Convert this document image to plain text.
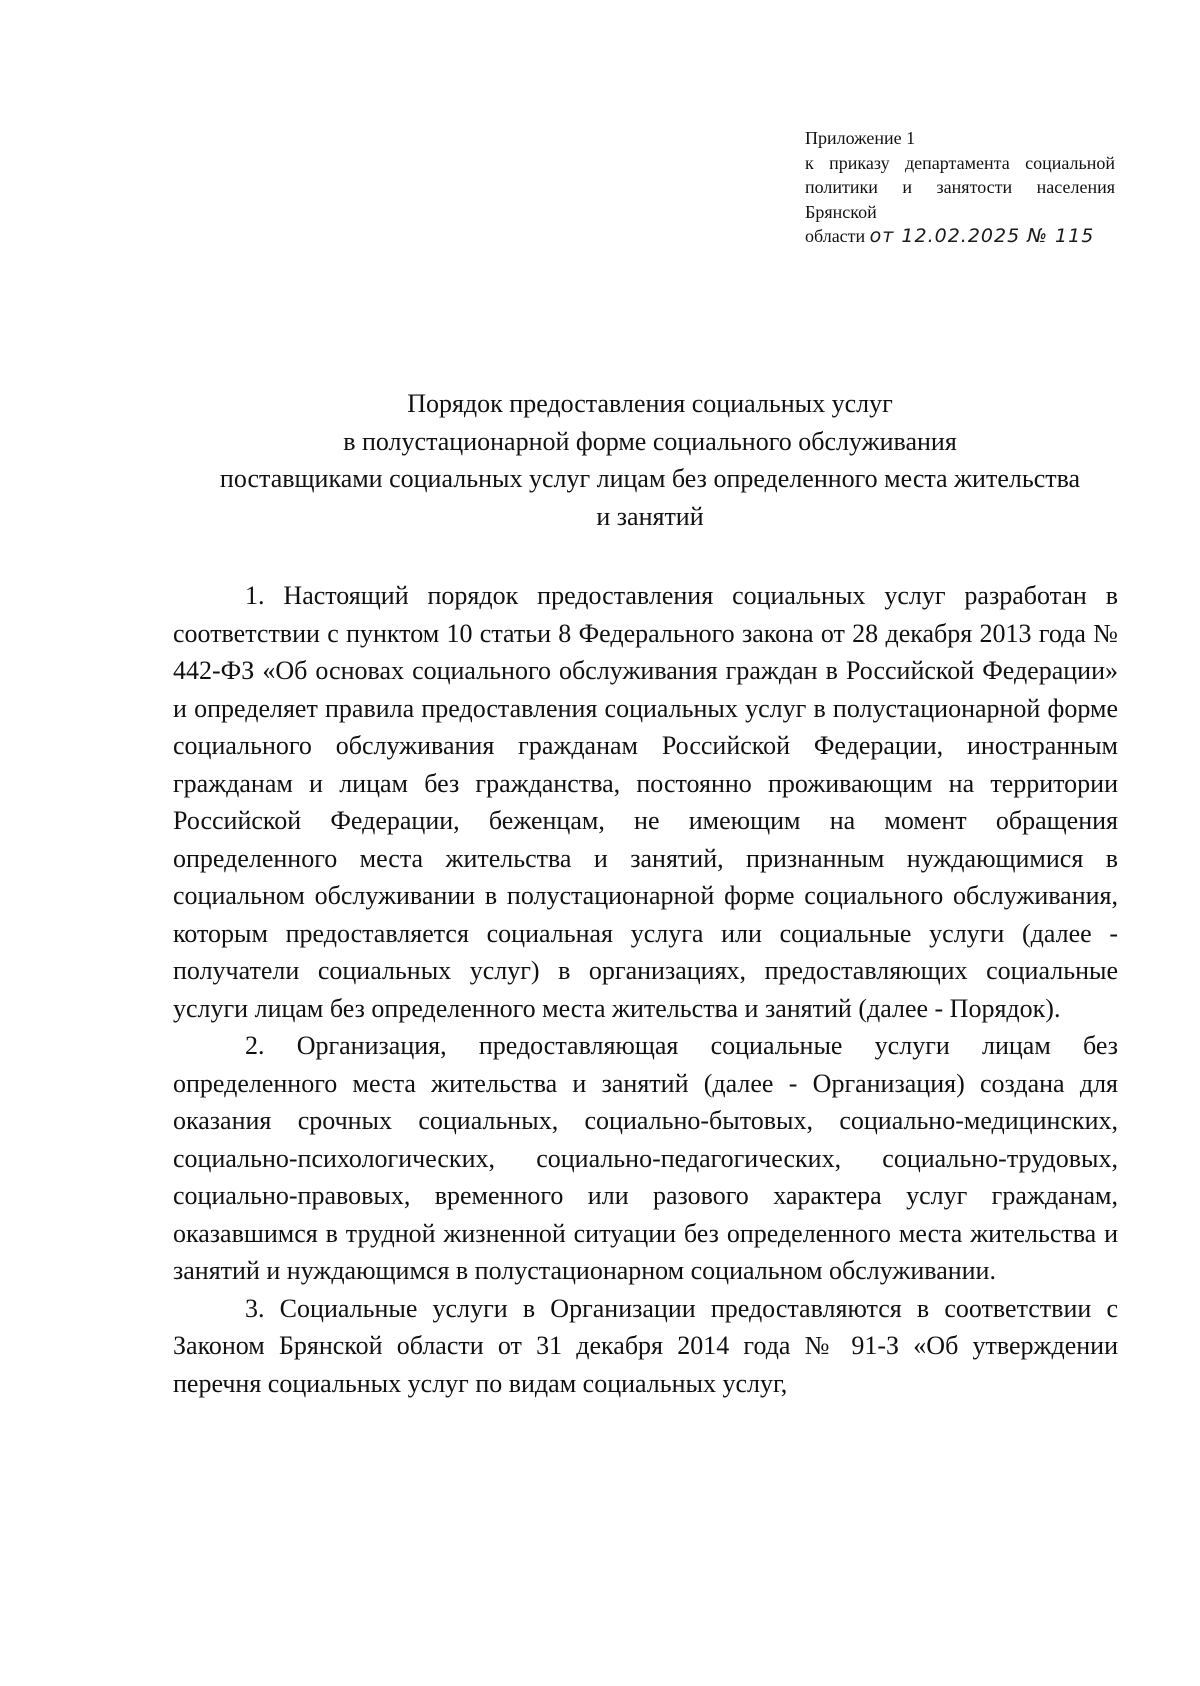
Приложение 1
к приказу департамента социальной политики и занятости населения Брянской
области от 12.02.2025 № 115
Порядок предоставления социальных услуг
в полустационарной форме социального обслуживания
поставщиками социальных услуг лицам без определенного места жительства
и занятий

1. Настоящий порядок предоставления социальных услуг разработан в соответствии с пунктом 10 статьи 8 Федерального закона от 28 декабря 2013 года № 442-ФЗ «Об основах социального обслуживания граждан в Российской Федерации» и определяет правила предоставления социальных услуг в полустационарной форме социального обслуживания гражданам Российской Федерации, иностранным гражданам и лицам без гражданства, постоянно проживающим на территории Российской Федерации, беженцам, не имеющим на момент обращения определенного места жительства и занятий, признанным нуждающимися в социальном обслуживании в полустационарной форме социального обслуживания, которым предоставляется социальная услуга или социальные услуги (далее - получатели социальных услуг) в организациях, предоставляющих социальные услуги лицам без определенного места жительства и занятий (далее - Порядок).

2. Организация, предоставляющая социальные услуги лицам без определенного места жительства и занятий (далее - Организация) создана для оказания срочных социальных, социально-бытовых, социально-медицинских, социально-психологических, социально-педагогических, социально-трудовых, социально-правовых, временного или разового характера услуг гражданам, оказавшимся в трудной жизненной ситуации без определенного места жительства и занятий и нуждающимся в полустационарном социальном обслуживании.

3. Социальные услуги в Организации предоставляются в соответствии с Законом Брянской области от 31 декабря 2014 года № 91-З «Об утверждении перечня социальных услуг по видам социальных услуг,
